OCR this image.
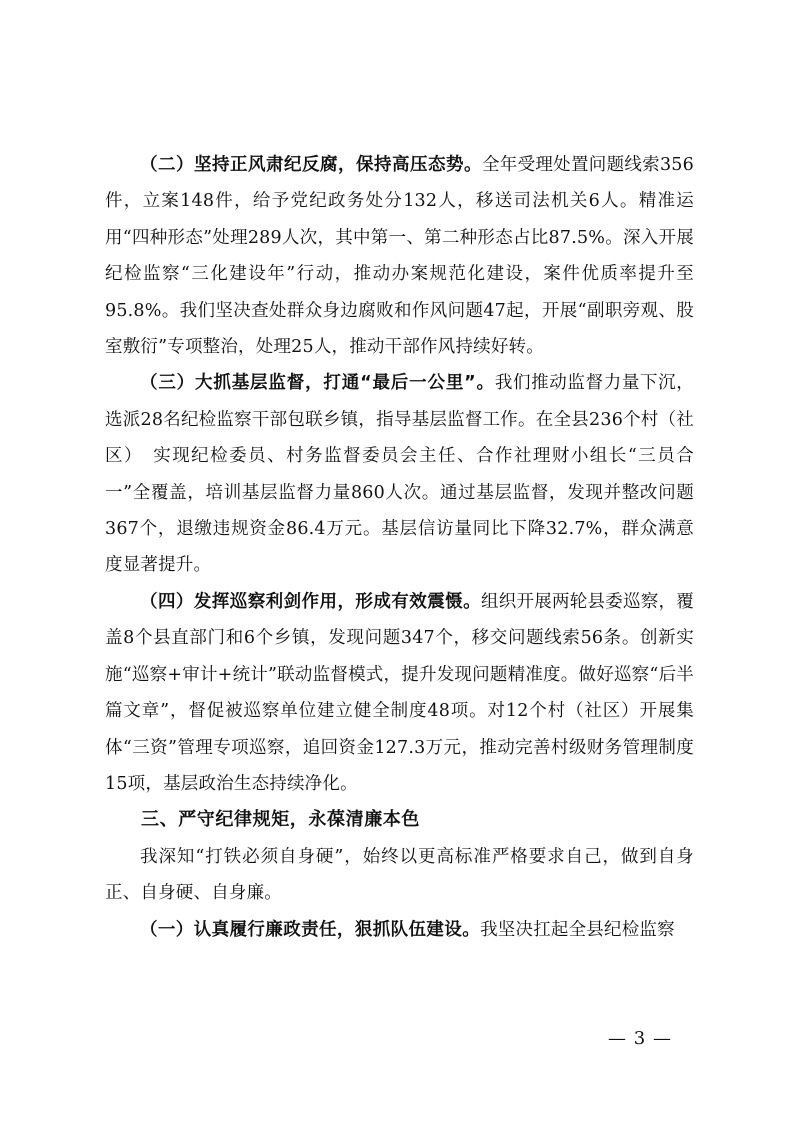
（二）坚持正风肃纪反腐，保持高压态势。全年受理处置问题线索356件，立案148件，给予党纪政务处分132人，移送司法机关6人。精准运用“四种形态”处理289人次，其中第一、第二种形态占比87.5%。深入开展纪检监察“三化建设年”行动，推动办案规范化建设，案件优质率提升至95.8%。我们坚决查处群众身边腐败和作风问题47起，开展“副职旁观、股室敷衍”专项整治，处理25人，推动干部作风持续好转。

（三）大抓基层监督，打通“最后一公里”。我们推动监督力量下沉，选派28名纪检监察干部包联乡镇，指导基层监督工作。在全县236个村（社区）　实现纪检委员、村务监督委员会主任、合作社理财小组长“三员合一”全覆盖，培训基层监督力量860人次。通过基层监督，发现并整改问题367个，退缴违规资金86.4万元。基层信访量同比下降32.7%，群众满意度显著提升。

（四）发挥巡察利剑作用，形成有效震慑。组织开展两轮县委巡察，覆盖8个县直部门和6个乡镇，发现问题347个，移交问题线索56条。创新实施“巡察+审计+统计”联动监督模式，提升发现问题精准度。做好巡察“后半篇文章”，督促被巡察单位建立健全制度48项。对12个村（社区）开展集体“三资”管理专项巡察，追回资金127.3万元，推动完善村级财务管理制度15项，基层政治生态持续净化。

三、严守纪律规矩，永葆清廉本色

我深知“打铁必须自身硬”，始终以更高标准严格要求自己，做到自身正、自身硬、自身廉。

（一）认真履行廉政责任，狠抓队伍建设。我坚决扛起全县纪检监察

— 3 —
